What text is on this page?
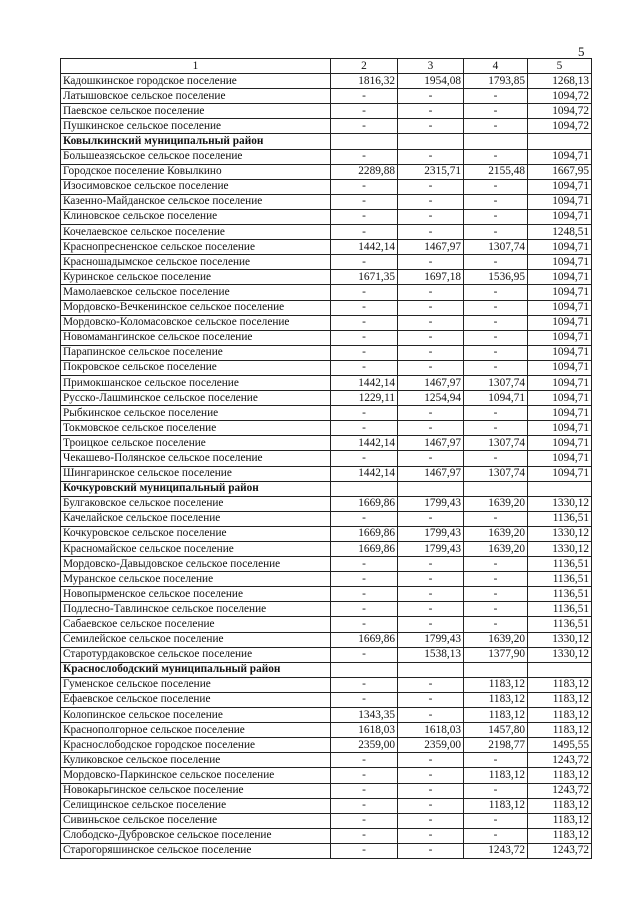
5
1	2	3	4	5
Кадошкинское городское поселение	1816,32	1954,08	1793,85	1268,13
Латышовское сельское поселение	-	-	-	1094,72
Паевское сельское поселение	-	-	-	1094,72
Пушкинское сельское поселение	-	-	-	1094,72
Ковылкинский муниципальный район				
Большеазясьское сельское поселение	-	-	-	1094,71
Городское поселение Ковылкино	2289,88	2315,71	2155,48	1667,95
Изосимовское сельское поселение	-	-	-	1094,71
Казенно-Майданское сельское поселение	-	-	-	1094,71
Клиновское сельское поселение	-	-	-	1094,71
Кочелаевское сельское поселение	-	-	-	1248,51
Краснопресненское сельское поселение	1442,14	1467,97	1307,74	1094,71
Красношадымское сельское поселение	-	-	-	1094,71
Куринское сельское поселение	1671,35	1697,18	1536,95	1094,71
Мамолаевское сельское поселение	-	-	-	1094,71
Мордовско-Вечкенинское сельское поселение	-	-	-	1094,71
Мордовско-Коломасовское сельское поселение	-	-	-	1094,71
Новомамангинское сельское поселение	-	-	-	1094,71
Парапинское сельское поселение	-	-	-	1094,71
Покровское сельское поселение	-	-	-	1094,71
Примокшанское сельское поселение	1442,14	1467,97	1307,74	1094,71
Русско-Лашминское сельское поселение	1229,11	1254,94	1094,71	1094,71
Рыбкинское сельское поселение	-	-	-	1094,71
Токмовское сельское поселение	-	-	-	1094,71
Троицкое сельское поселение	1442,14	1467,97	1307,74	1094,71
Чекашево-Полянское сельское поселение	-	-	-	1094,71
Шингаринское сельское поселение	1442,14	1467,97	1307,74	1094,71
Кочкуровский муниципальный район				
Булгаковское сельское поселение	1669,86	1799,43	1639,20	1330,12
Качелайское сельское поселение	-	-	-	1136,51
Кочкуровское сельское поселение	1669,86	1799,43	1639,20	1330,12
Красномайское сельское поселение	1669,86	1799,43	1639,20	1330,12
Мордовско-Давыдовское сельское поселение	-	-	-	1136,51
Муранское сельское поселение	-	-	-	1136,51
Новопырменское сельское поселение	-	-	-	1136,51
Подлесно-Тавлинское сельское поселение	-	-	-	1136,51
Сабаевское сельское поселение	-	-	-	1136,51
Семилейское сельское поселение	1669,86	1799,43	1639,20	1330,12
Старотурдаковское сельское поселение	-	1538,13	1377,90	1330,12
Краснослободский муниципальный район				
Гуменское сельское поселение	-	-	1183,12	1183,12
Ефаевское сельское поселение	-	-	1183,12	1183,12
Колопинское сельское поселение	1343,35	-	1183,12	1183,12
Краснополгорное сельское поселение	1618,03	1618,03	1457,80	1183,12
Краснослободское городское поселение	2359,00	2359,00	2198,77	1495,55
Куликовское сельское поселение	-	-	-	1243,72
Мордовско-Паркинское сельское поселение	-	-	1183,12	1183,12
Новокарьгинское сельское поселение	-	-	-	1243,72
Селищинское сельское поселение	-	-	1183,12	1183,12
Сивиньское сельское поселение	-	-	-	1183,12
Слободско-Дубровское сельское поселение	-	-	-	1183,12
Старогоряшинское сельское поселение	-	-	1243,72	1243,72
